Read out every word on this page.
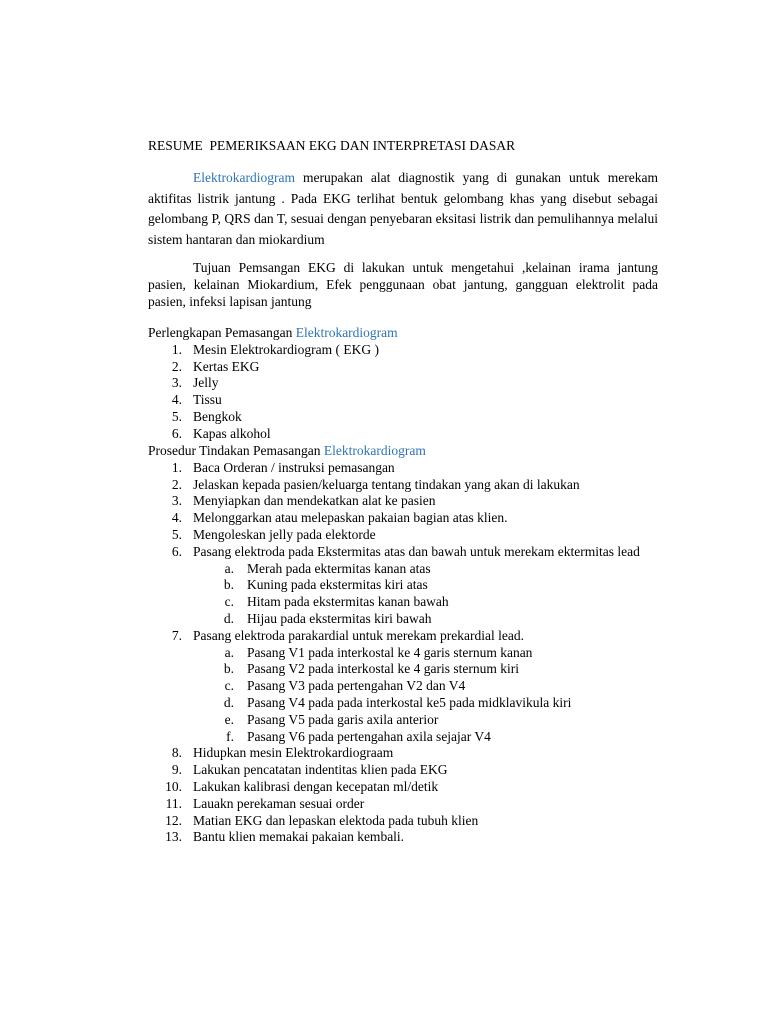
RESUME  PEMERIKSAAN EKG DAN INTERPRETASI DASAR
Elektrokardiogram merupakan alat diagnostik yang di gunakan untuk merekam aktifitas listrik jantung . Pada EKG terlihat bentuk gelombang khas yang disebut sebagai gelombang P, QRS dan T, sesuai dengan penyebaran eksitasi listrik dan pemulihannya melalui sistem hantaran dan miokardium
Tujuan Pemsangan EKG di lakukan untuk mengetahui ,kelainan irama jantung pasien, kelainan Miokardium, Efek penggunaan obat jantung, gangguan elektrolit pada pasien, infeksi lapisan jantung
Perlengkapan Pemasangan Elektrokardiogram
1. Mesin Elektrokardiogram ( EKG )
2. Kertas EKG
3. Jelly
4. Tissu
5. Bengkok
6. Kapas alkohol
Prosedur Tindakan Pemasangan Elektrokardiogram
1. Baca Orderan / instruksi pemasangan
2. Jelaskan kepada pasien/keluarga tentang tindakan yang akan di lakukan
3. Menyiapkan dan mendekatkan alat ke pasien
4. Melonggarkan atau melepaskan pakaian bagian atas klien.
5. Mengoleskan jelly pada elektorde
6. Pasang elektroda pada Ekstermitas atas dan bawah untuk merekam ektermitas lead
a. Merah pada ektermitas kanan atas
b. Kuning pada ekstermitas kiri atas
c. Hitam pada ekstermitas kanan bawah
d. Hijau pada ekstermitas kiri bawah
7. Pasang elektroda parakardial untuk merekam prekardial lead.
a. Pasang V1 pada interkostal ke 4 garis sternum kanan
b. Pasang V2 pada interkostal ke 4 garis sternum kiri
c. Pasang V3 pada pertengahan V2 dan V4
d. Pasang V4 pada pada interkostal ke5 pada midklavikula kiri
e. Pasang V5 pada garis axila anterior
f. Pasang V6 pada pertengahan axila sejajar V4
8. Hidupkan mesin Elektrokardiograam
9. Lakukan pencatatan indentitas klien pada EKG
10. Lakukan kalibrasi dengan kecepatan ml/detik
11. Lauakn perekaman sesuai order
12. Matian EKG dan lepaskan elektoda pada tubuh klien
13. Bantu klien memakai pakaian kembali.
